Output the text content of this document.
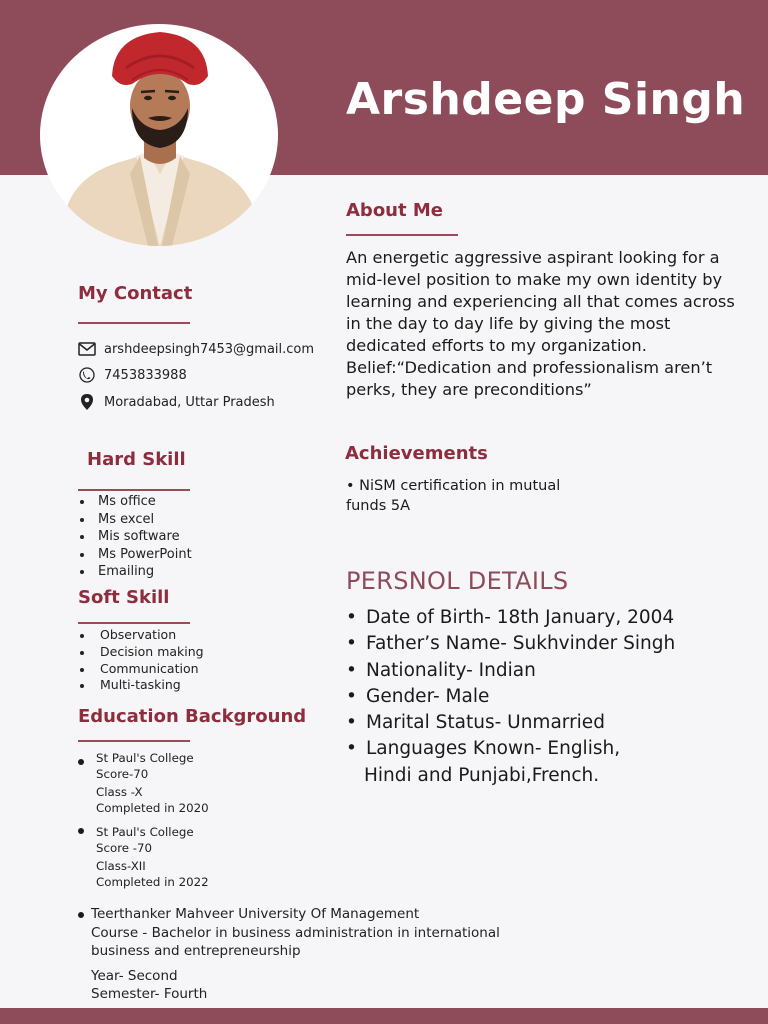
Arshdeep Singh
About Me
An energetic aggressive aspirant looking for a
mid-level position to make my own identity by
learning and experiencing all that comes across
in the day to day life by giving the most
dedicated efforts to my organization.
Belief:“Dedication and professionalism aren’t
perks, they are preconditions”
My Contact
arshdeepsingh7453@gmail.com
7453833988
Moradabad, Uttar Pradesh
Achievements
• NiSM certification in mutual
funds 5A
Hard Skill
Ms office
Ms excel
Mis software
Ms PowerPoint
Emailing
Soft Skill
Observation
Decision making
Communication
Multi-tasking
PERSNOL DETAILS
• Date of Birth- 18th January, 2004
• Father’s Name- Sukhvinder Singh
• Nationality- Indian
• Gender- Male
• Marital Status- Unmarried
• Languages Known- English,
Hindi and Punjabi,French.
Education Background
St Paul's College
Score-70
Class -X
Completed in 2020
St Paul's College
Score -70
Class-XII
Completed in 2022
Teerthanker Mahveer University Of Management
Course - Bachelor in business administration in international
business and entrepreneurship
Year- Second
Semester- Fourth
